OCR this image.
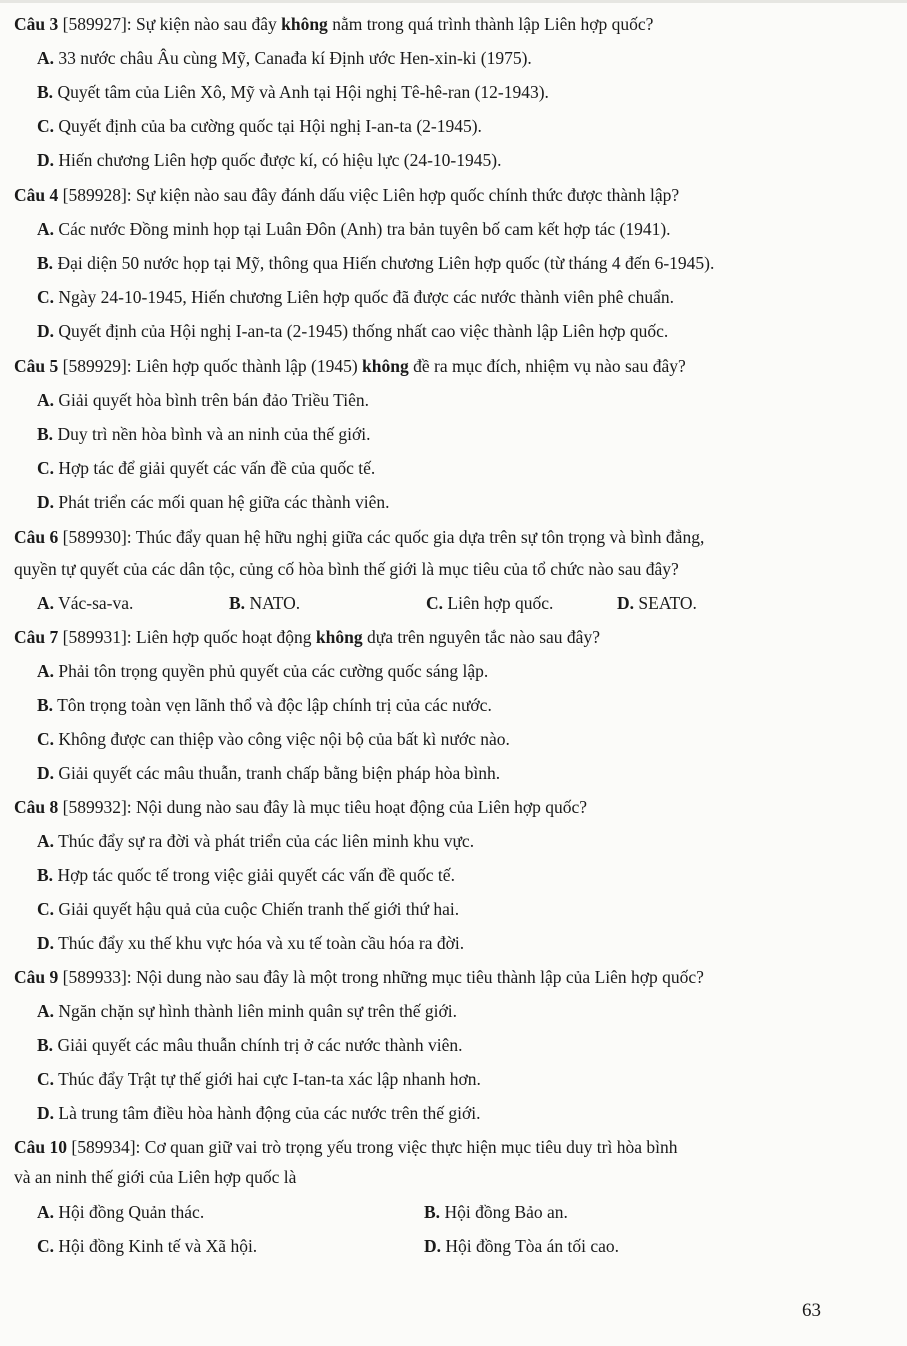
Câu 3 [589927]: Sự kiện nào sau đây không nằm trong quá trình thành lập Liên hợp quốc?
A. 33 nước châu Âu cùng Mỹ, Canađa kí Định ước Hen-xin-ki (1975).
B. Quyết tâm của Liên Xô, Mỹ và Anh tại Hội nghị Tê-hê-ran (12-1943).
C. Quyết định của ba cường quốc tại Hội nghị I-an-ta (2-1945).
D. Hiến chương Liên hợp quốc được kí, có hiệu lực (24-10-1945).
Câu 4 [589928]: Sự kiện nào sau đây đánh dấu việc Liên hợp quốc chính thức được thành lập?
A. Các nước Đồng minh họp tại Luân Đôn (Anh) tra bản tuyên bố cam kết hợp tác (1941).
B. Đại diện 50 nước họp tại Mỹ, thông qua Hiến chương Liên hợp quốc (từ tháng 4 đến 6-1945).
C. Ngày 24-10-1945, Hiến chương Liên hợp quốc đã được các nước thành viên phê chuẩn.
D. Quyết định của Hội nghị I-an-ta (2-1945) thống nhất cao việc thành lập Liên hợp quốc.
Câu 5 [589929]: Liên hợp quốc thành lập (1945) không đề ra mục đích, nhiệm vụ nào sau đây?
A. Giải quyết hòa bình trên bán đảo Triều Tiên.
B. Duy trì nền hòa bình và an ninh của thế giới.
C. Hợp tác để giải quyết các vấn đề của quốc tế.
D. Phát triển các mối quan hệ giữa các thành viên.
Câu 6 [589930]: Thúc đẩy quan hệ hữu nghị giữa các quốc gia dựa trên sự tôn trọng và bình đẳng,
quyền tự quyết của các dân tộc, củng cố hòa bình thế giới là mục tiêu của tổ chức nào sau đây?
A. Vác-sa-va.	B. NATO.	C. Liên hợp quốc.	D. SEATO.
Câu 7 [589931]: Liên hợp quốc hoạt động không dựa trên nguyên tắc nào sau đây?
A. Phải tôn trọng quyền phủ quyết của các cường quốc sáng lập.
B. Tôn trọng toàn vẹn lãnh thổ và độc lập chính trị của các nước.
C. Không được can thiệp vào công việc nội bộ của bất kì nước nào.
D. Giải quyết các mâu thuẫn, tranh chấp bằng biện pháp hòa bình.
Câu 8 [589932]: Nội dung nào sau đây là mục tiêu hoạt động của Liên hợp quốc?
A. Thúc đẩy sự ra đời và phát triển của các liên minh khu vực.
B. Hợp tác quốc tế trong việc giải quyết các vấn đề quốc tế.
C. Giải quyết hậu quả của cuộc Chiến tranh thế giới thứ hai.
D. Thúc đẩy xu thế khu vực hóa và xu tế toàn cầu hóa ra đời.
Câu 9 [589933]: Nội dung nào sau đây là một trong những mục tiêu thành lập của Liên hợp quốc?
A. Ngăn chặn sự hình thành liên minh quân sự trên thế giới.
B. Giải quyết các mâu thuẫn chính trị ở các nước thành viên.
C. Thúc đẩy Trật tự thế giới hai cực I-tan-ta xác lập nhanh hơn.
D. Là trung tâm điều hòa hành động của các nước trên thế giới.
Câu 10 [589934]: Cơ quan giữ vai trò trọng yếu trong việc thực hiện mục tiêu duy trì hòa bình
và an ninh thế giới của Liên hợp quốc là
A. Hội đồng Quản thác.	B. Hội đồng Bảo an.
C. Hội đồng Kinh tế và Xã hội.	D. Hội đồng Tòa án tối cao.
63
